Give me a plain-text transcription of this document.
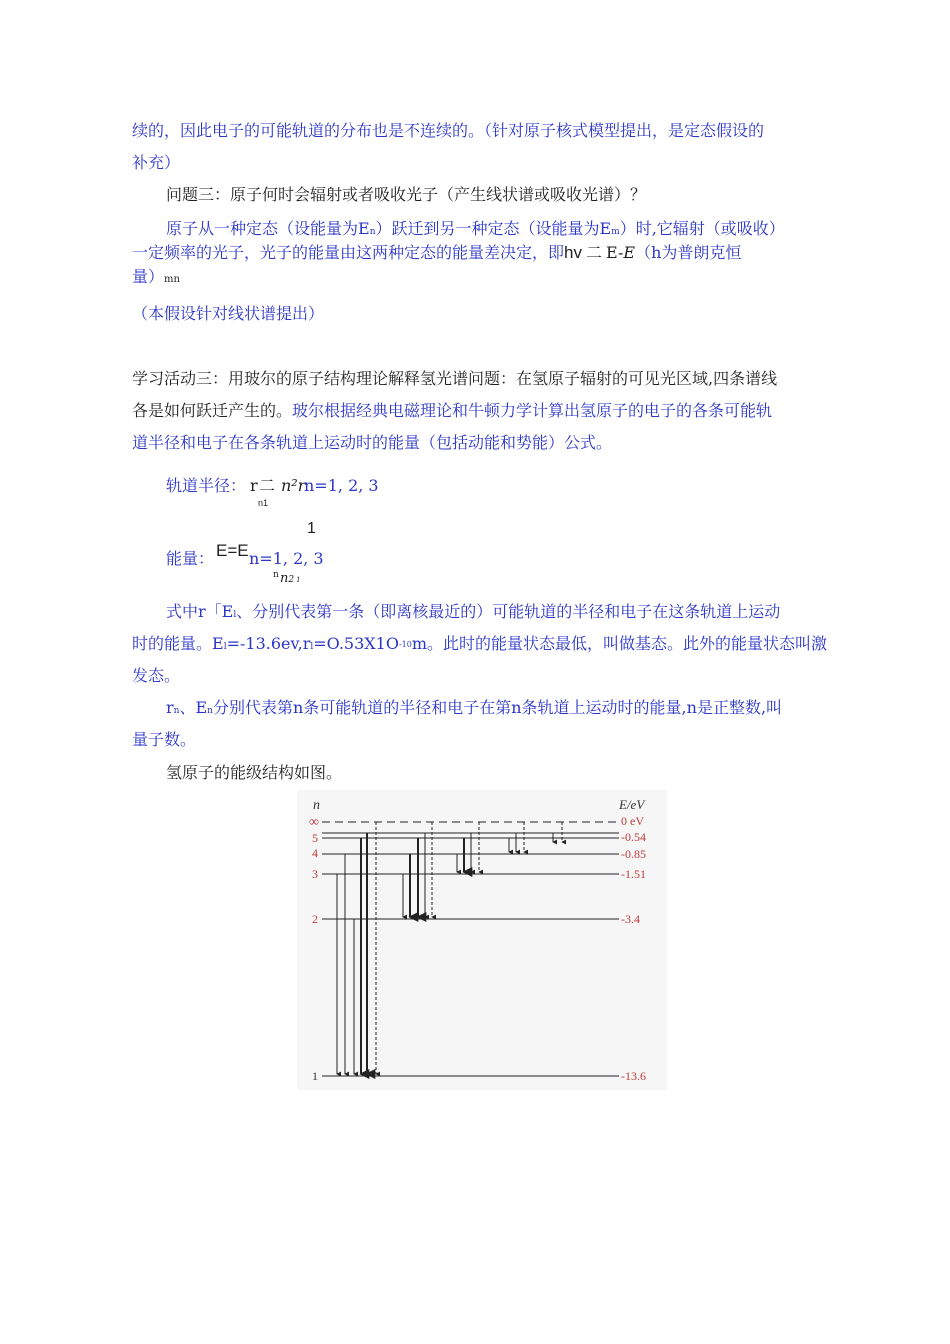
续的，因此电子的可能轨道的分布也是不连续的。（针对原子核式模型提出，是定态假设的
补充）
问题三：原子何时会辐射或者吸收光子（产生线状谱或吸收光谱）？
原子从一种定态（设能量为En）跃迁到另一种定态（设能量为Em）时,它辐射（或吸收）
一定频率的光子，光子的能量由这两种定态的能量差决定，即hv 二 E-E（h为普朗克恒
量）mn
（本假设针对线状谱提出）
学习活动三：用玻尔的原子结构理论解释氢光谱问题：在氢原子辐射的可见光区域,四条谱线
各是如何跃迁产生的。玻尔根据经典电磁理论和牛顿力学计算出氢原子的电子的各条可能轨
道半径和电子在各条轨道上运动时的能量（包括动能和势能）公式。
轨道半径： r 二 n²r
n=1, 2, 3
n1
1
能量： E=E n=1, 2, 3
n n2 1
式中r「El、分别代表第一条（即离核最近的）可能轨道的半径和电子在这条轨道上运动
时的能量。El=-13.6ev,rl=O.53X1O-10m。此时的能量状态最低，叫做基态。此外的能量状态叫激
发态。
rn、En分别代表第n条可能轨道的半径和电子在第n条轨道上运动时的能量,n是正整数,叫
量子数。
氢原子的能级结构如图。
n	E/eV
∞
5
4
3
2
1
0 eV
-0.54
-0.85
-1.51
-3.4
-13.6
